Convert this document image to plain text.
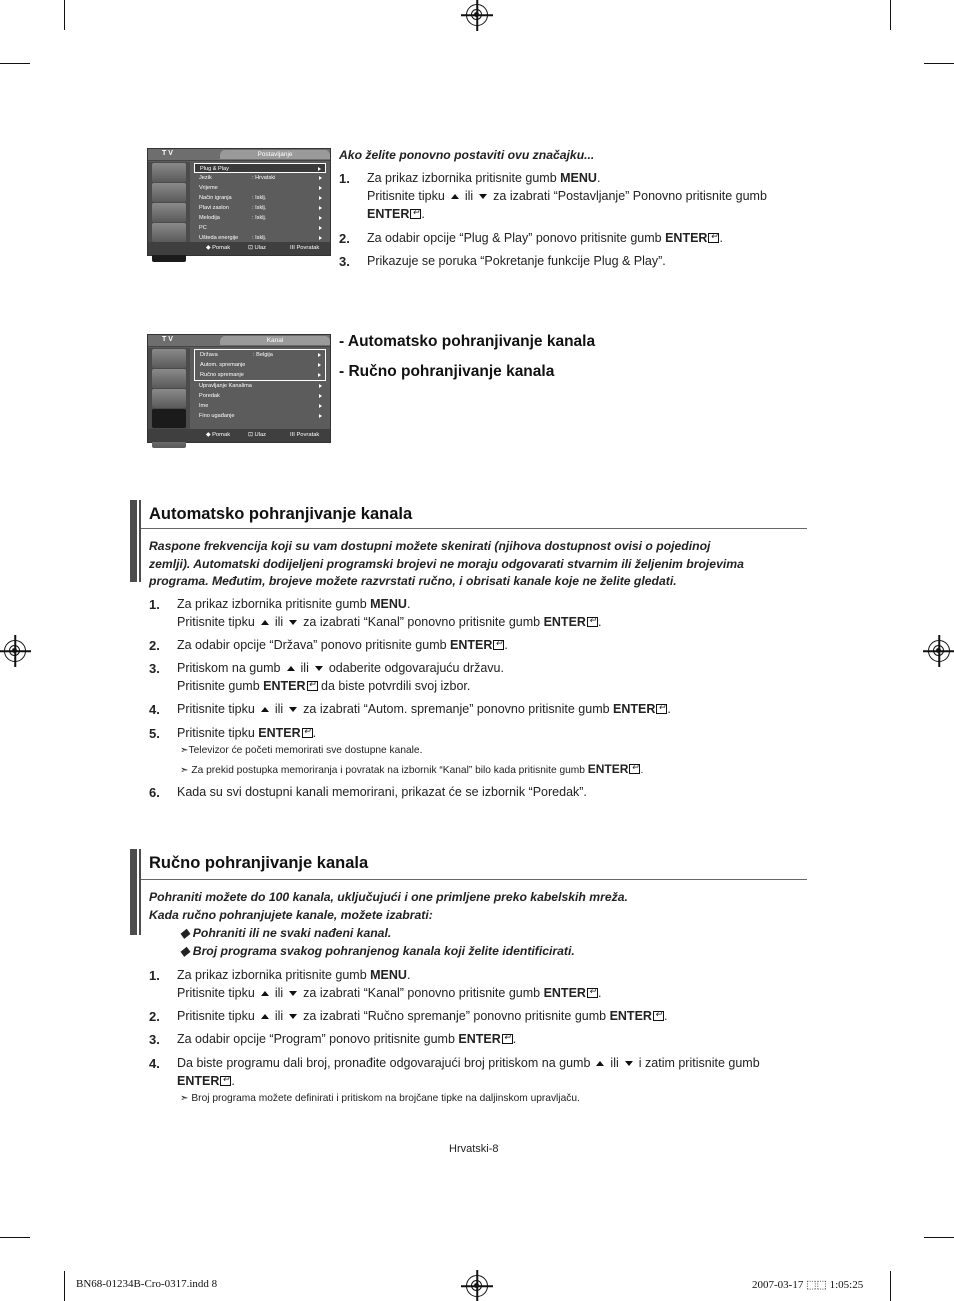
T V	Postavljanje
Plug & Play
Jezik	: Hrvatski
Vrijeme
Način igranja	: Isklj.
Plavi zaslon	: Isklj.
Melodija	: Isklj.
PC
Ušteda energije : Isklj.
◆ Pomak	⊡ Ulaz	III Povratak
Ako želite ponovno postaviti ovu značajku...
1. Za prikaz izbornika pritisnite gumb MENU.
Pritisnite tipku ili za izabrati “Postavljanje” Ponovno pritisnite gumb
ENTER ↵ .
2. Za odabir opcije “Plug & Play” ponovo pritisnite gumb ENTER ↵ .
3. Prikazuje se poruka “Pokretanje funkcije Plug & Play”.
T V	Kanal
Država	: Belgija
Autom. spremanje
Ručno spremanje
Upravljanje Kanalima
Poredak
Ime
Fino ugađanje
◆ Pomak	⊡ Ulaz	III Povratak
- Automatsko pohranjivanje kanala
- Ručno pohranjivanje kanala
Automatsko pohranjivanje kanala
Raspone frekvencija koji su vam dostupni možete skenirati (njihova dostupnost ovisi o pojedinoj
zemlji). Automatski dodijeljeni programski brojevi ne moraju odgovarati stvarnim ili željenim brojevima
programa. Međutim, brojeve možete razvrstati ručno, i obrisati kanale koje ne želite gledati.
1. Za prikaz izbornika pritisnite gumb MENU.
Pritisnite tipku ili za izabrati “Kanal” ponovno pritisnite gumb ENTER ↵ .
2. Za odabir opcije “Država” ponovo pritisnite gumb ENTER ↵ .
3. Pritiskom na gumb ili odaberite odgovarajuću državu.
Pritisnite gumb ENTER↵ da biste potvrdili svoj izbor.
4. Pritisnite tipku ili za izabrati “Autom. spremanje” ponovno pritisnite gumb ENTER ↵ .
5. Pritisnite tipku ENTER ↵ .
➣Televizor će početi memorirati sve dostupne kanale.
➣ Za prekid postupka memoriranja i povratak na izbornik “Kanal” bilo kada pritisnite gumb ENTER ↵ .
6. Kada su svi dostupni kanali memorirani, prikazat će se izbornik “Poredak”.
Ručno pohranjivanje kanala
Pohraniti možete do 100 kanala, uključujući i one primljene preko kabelskih mreža.
Kada ručno pohranjujete kanale, možete izabrati:
◆ Pohraniti ili ne svaki nađeni kanal.
◆ Broj programa svakog pohranjenog kanala koji želite identificirati.
1. Za prikaz izbornika pritisnite gumb MENU.
Pritisnite tipku ili za izabrati “Kanal” ponovno pritisnite gumb ENTER ↵ .
2. Pritisnite tipku ili za izabrati “Ručno spremanje” ponovno pritisnite gumb ENTER ↵ .
3. Za odabir opcije “Program” ponovo pritisnite gumb ENTER ↵ .
4. Da biste programu dali broj, pronađite odgovarajući broj pritiskom na gumb ili i zatim pritisnite gumb
ENTER ↵ .
➣ Broj programa možete definirati i pritiskom na brojčane tipke na daljinskom upravljaču.
Hrvatski-8
BN68-01234B-Cro-0317.indd 8	2007-03-17 ⬚⬚ 1:05:25
